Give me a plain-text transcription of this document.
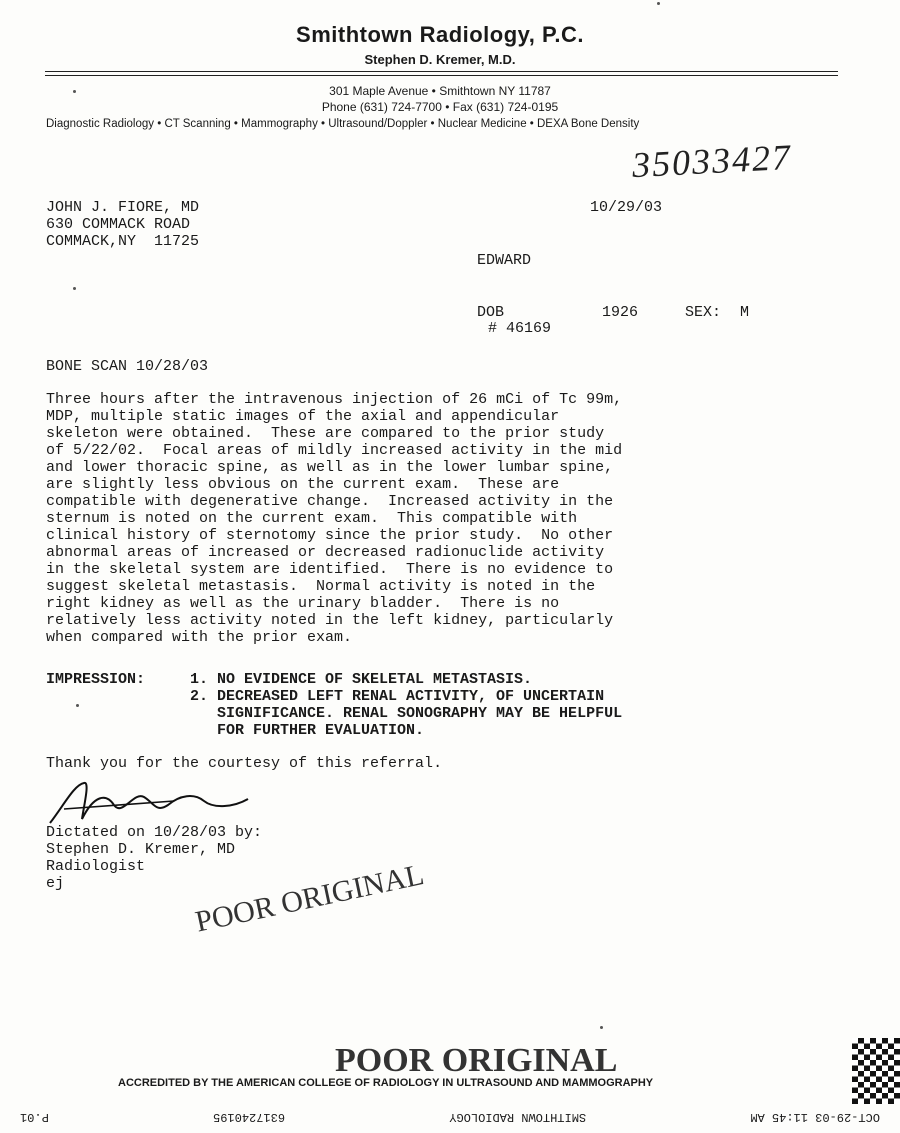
Smithtown Radiology, P.C.
Stephen D. Kremer, M.D.
301 Maple Avenue • Smithtown NY 11787
Phone (631) 724-7700 • Fax (631) 724-0195
Diagnostic Radiology • CT Scanning • Mammography • Ultrasound/Doppler • Nuclear Medicine • DEXA Bone Density
35033427
JOHN J. FIORE, MD
630 COMMACK ROAD
COMMACK,NY  11725
10/29/03
EDWARD
DOB	1926	SEX: M
# 46169
BONE SCAN 10/28/03
Three hours after the intravenous injection of 26 mCi of Tc 99m,
MDP, multiple static images of the axial and appendicular
skeleton were obtained.  These are compared to the prior study
of 5/22/02.  Focal areas of mildly increased activity in the mid
and lower thoracic spine, as well as in the lower lumbar spine,
are slightly less obvious on the current exam.  These are
compatible with degenerative change.  Increased activity in the
sternum is noted on the current exam.  This compatible with
clinical history of sternotomy since the prior study.  No other
abnormal areas of increased or decreased radionuclide activity
in the skeletal system are identified.  There is no evidence to
suggest skeletal metastasis.  Normal activity is noted in the
right kidney as well as the urinary bladder.  There is no
relatively less activity noted in the left kidney, particularly
when compared with the prior exam.
IMPRESSION:	1. NO EVIDENCE OF SKELETAL METASTASIS.
2. DECREASED LEFT RENAL ACTIVITY, OF UNCERTAIN
SIGNIFICANCE. RENAL SONOGRAPHY MAY BE HELPFUL
FOR FURTHER EVALUATION.
Thank you for the courtesy of this referral.
Dictated on 10/28/03 by:
Stephen D. Kremer, MD
Radiologist
ej	POOR ORIGINAL
POOR ORIGINAL
ACCREDITED BY THE AMERICAN COLLEGE OF RADIOLOGY IN ULTRASOUND AND MAMMOGRAPHY
OCT-29-03 11:45 AM
SMITHTOWN RADIOLOGY
6317240195
P.01
